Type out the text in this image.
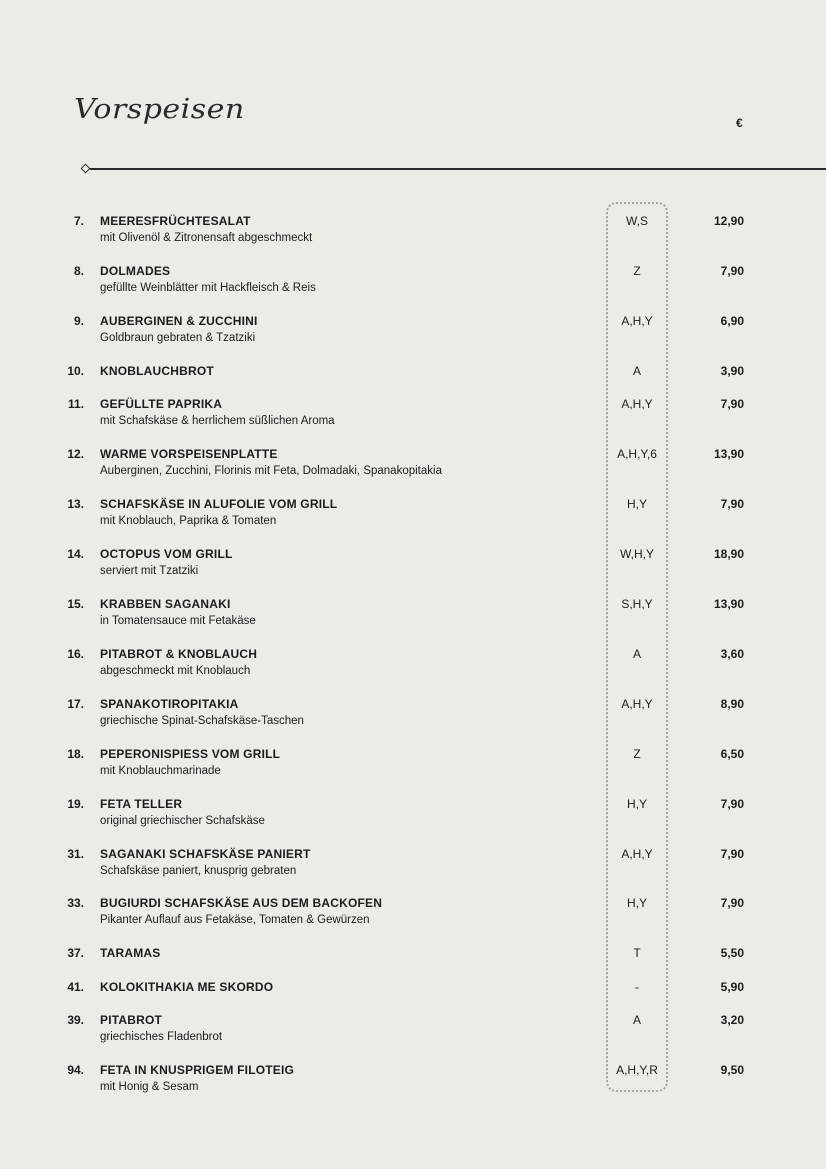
Vorspeisen	€
7. MEERESFRÜCHTESALAT
mit Olivenöl & Zitronensaft abgeschmeckt
W,S	12,90
8. DOLMADES
gefüllte Weinblätter mit Hackfleisch & Reis
Z	7,90
9. AUBERGINEN & ZUCCHINI
Goldbraun gebraten & Tzatziki
A,H,Y	6,90
10. KNOBLAUCHBROT	A	3,90
11. GEFÜLLTE PAPRIKA
mit Schafskäse & herrlichem süßlichen Aroma
A,H,Y	7,90
12. WARME VORSPEISENPLATTE
Auberginen, Zucchini, Florinis mit Feta, Dolmadaki, Spanakopitakia
A,H,Y,6	13,90
13. SCHAFSKÄSE IN ALUFOLIE VOM GRILL
mit Knoblauch, Paprika & Tomaten
H,Y	7,90
14. OCTOPUS VOM GRILL
serviert mit Tzatziki
W,H,Y	18,90
15. KRABBEN SAGANAKI
in Tomatensauce mit Fetakäse
S,H,Y	13,90
16. PITABROT & KNOBLAUCH
abgeschmeckt mit Knoblauch
A	3,60
17. SPANAKOTIROPITAKIA
griechische Spinat-Schafskäse-Taschen
A,H,Y	8,90
18. PEPERONISPIESS VOM GRILL
mit Knoblauchmarinade
Z	6,50
19. FETA TELLER
original griechischer Schafskäse
H,Y	7,90
31. SAGANAKI SCHAFSKÄSE PANIERT
Schafskäse paniert, knusprig gebraten
A,H,Y	7,90
33. BUGIURDI SCHAFSKÄSE AUS DEM BACKOFEN
Pikanter Auflauf aus Fetakäse, Tomaten & Gewürzen
H,Y	7,90
37. TARAMAS	T	5,50
41. KOLOKITHAKIA ME SKORDO	-	5,90
39. PITABROT
griechisches Fladenbrot
A	3,20
94. FETA IN KNUSPRIGEM FILOTEIG
mit Honig & Sesam
A,H,Y,R	9,50
